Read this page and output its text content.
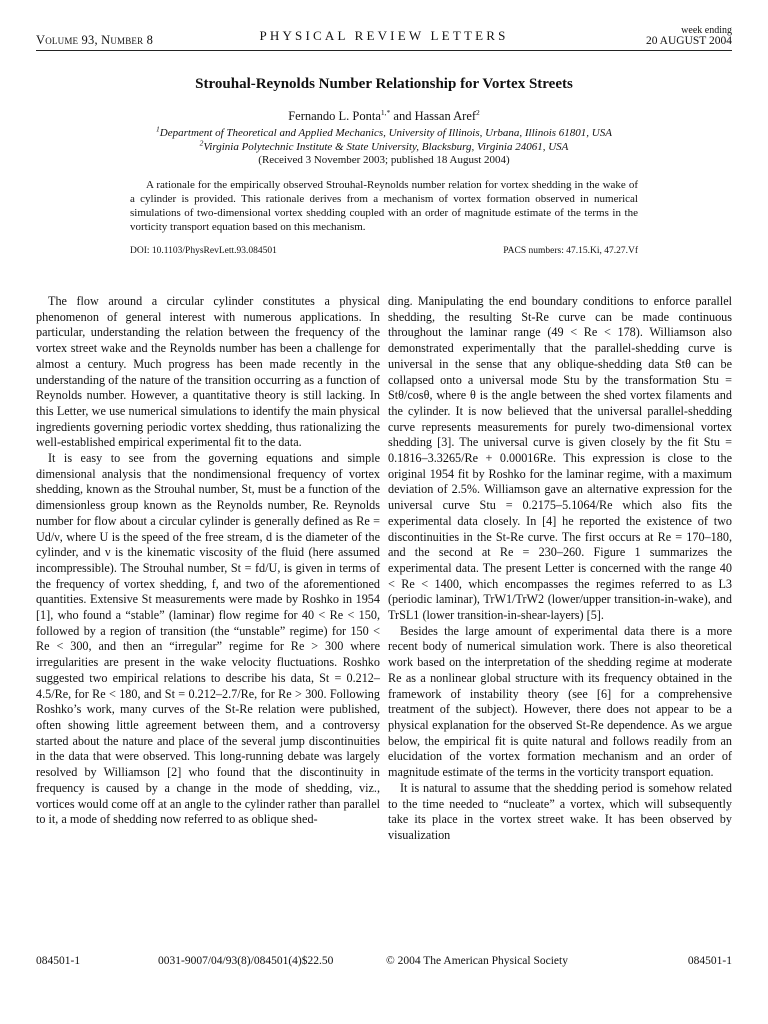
Volume 93, Number 8	PHYSICAL REVIEW LETTERS	week ending
20 AUGUST 2004
Strouhal-Reynolds Number Relationship for Vortex Streets
Fernando L. Ponta$^{1,*}$ and Hassan Aref$^2$
$^1$Department of Theoretical and Applied Mechanics, University of Illinois, Urbana, Illinois 61801, USA
$^2$Virginia Polytechnic Institute & State University, Blacksburg, Virginia 24061, USA
(Received 3 November 2003; published 18 August 2004)
A rationale for the empirically observed Strouhal-Reynolds number relation for vortex shedding in the wake of a cylinder is provided. This rationale derives from a mechanism of vortex formation observed in numerical simulations of two-dimensional vortex shedding coupled with an order of magnitude estimate of the terms in the vorticity transport equation based on this mechanism.
DOI: 10.1103/PhysRevLett.93.084501	PACS numbers: 47.15.Ki, 47.27.Vf

The flow around a circular cylinder constitutes a physical phenomenon of general interest with numerous applications. In particular, understanding the relation between the frequency of the vortex street wake and the Reynolds number has been a challenge for almost a century. Much progress has been made recently in the understanding of the nature of the transition occurring as a function of Reynolds number. However, a quantitative theory is still lacking. In this Letter, we use numerical simulations to identify the main physical ingredients governing periodic vortex shedding, thus rationalizing the well-established empirical experimental fit to the data.

It is easy to see from the governing equations and simple dimensional analysis that the nondimensional frequency of vortex shedding, known as the Strouhal number, St, must be a function of the dimensionless group known as the Reynolds number, Re. Reynolds number for flow about a circular cylinder is generally defined as Re = Ud/ν, where U is the speed of the free stream, d is the diameter of the cylinder, and ν is the kinematic viscosity of the fluid (here assumed incompressible). The Strouhal number, St = fd/U, is given in terms of the frequency of vortex shedding, f, and two of the aforementioned quantities. Extensive St measurements were made by Roshko in 1954 [1], who found a “stable” (laminar) flow regime for 40 < Re < 150, followed by a region of transition (the “unstable” regime) for 150 < Re < 300, and then an “irregular” regime for Re > 300 where irregularities are present in the wake velocity fluctuations. Roshko suggested two empirical relations to describe his data, St = 0.212–4.5/Re, for Re < 180, and St = 0.212–2.7/Re, for Re > 300. Following Roshko’s work, many curves of the St-Re relation were published, often showing little agreement between them, and a controversy started about the nature and place of the several jump discontinuities in the data that were observed. This long-running debate was largely resolved by Williamson [2] who found that the discontinuity in frequency is caused by a change in the mode of shedding, viz., vortices would come off at an angle to the cylinder rather than parallel to it, a mode of shedding now referred to as oblique shed-

ding. Manipulating the end boundary conditions to enforce parallel shedding, the resulting St-Re curve can be made continuous throughout the laminar range (49 < Re < 178). Williamson also demonstrated experimentally that the parallel-shedding curve is universal in the sense that any oblique-shedding data Stθ can be collapsed onto a universal mode Stu by the transformation Stu = Stθ/cosθ, where θ is the angle between the shed vortex filaments and the cylinder. It is now believed that the universal parallel-shedding curve represents measurements for purely two-dimensional vortex shedding [3]. The universal curve is given closely by the fit Stu = 0.1816–3.3265/Re + 0.00016Re. This expression is close to the original 1954 fit by Roshko for the laminar regime, with a maximum deviation of 2.5%. Williamson gave an alternative expression for the universal curve Stu = 0.2175–5.1064/Re which also fits the experimental data closely. In [4] he reported the existence of two discontinuities in the St-Re curve. The first occurs at Re = 170–180, and the second at Re = 230–260. Figure 1 summarizes the experimental data. The present Letter is concerned with the range 40 < Re < 1400, which encompasses the regimes referred to as L3 (periodic laminar), TrW1/TrW2 (lower/upper transition-in-wake), and TrSL1 (lower transition-in-shear-layers) [5].

Besides the large amount of experimental data there is a more recent body of numerical simulation work. There is also theoretical work based on the interpretation of the shedding regime at moderate Re as a nonlinear global structure with its frequency obtained in the framework of instability theory (see [6] for a comprehensive treatment of the subject). However, there does not appear to be a physical explanation for the observed St-Re dependence. As we argue below, the empirical fit is quite natural and follows readily from an elucidation of the vortex formation mechanism and an order of magnitude estimate of the terms in the vorticity transport equation.

It is natural to assume that the shedding period is somehow related to the time needed to “nucleate” a vortex, which will subsequently take its place in the vortex street wake. It has been observed by visualization

084501-1	0031-9007/04/93(8)/084501(4)$22.50	© 2004 The American Physical Society	084501-1
